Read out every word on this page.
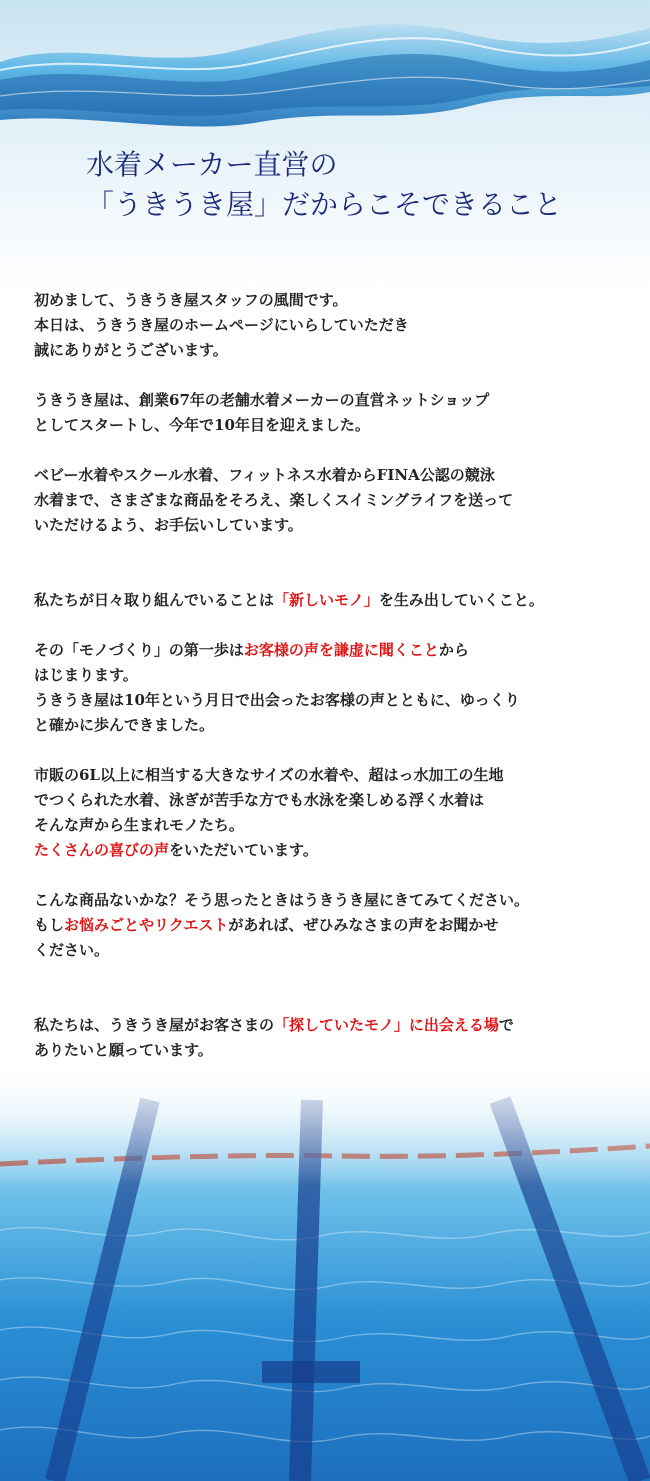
水着メーカー直営の
「うきうき屋」だからこそできること

初めまして、うきうき屋スタッフの風間です。

本日は、うきうき屋のホームページにいらしていただき

誠にありがとうございます。

うきうき屋は、創業67年の老舗水着メーカーの直営ネットショップ

としてスタートし、今年で10年目を迎えました。

ベビー水着やスクール水着、フィットネス水着からFINA公認の競泳

水着まで、さまざまな商品をそろえ、楽しくスイミングライフを送って

いただけるよう、お手伝いしています。

私たちが日々取り組んでいることは「新しいモノ」を生み出していくこと。

その「モノづくり」の第一歩はお客様の声を謙虚に聞くことから

はじまります。

うきうき屋は10年という月日で出会ったお客様の声とともに、ゆっくり

と確かに歩んできました。

市販の6L以上に相当する大きなサイズの水着や、超はっ水加工の生地

でつくられた水着、泳ぎが苦手な方でも水泳を楽しめる浮く水着は

そんな声から生まれモノたち。

たくさんの喜びの声をいただいています。

こんな商品ないかな？そう思ったときはうきうき屋にきてみてください。

もしお悩みごとやリクエストがあれば、ぜひみなさまの声をお聞かせ

ください。

私たちは、うきうき屋がお客さまの「探していたモノ」に出会える場で

ありたいと願っています。
